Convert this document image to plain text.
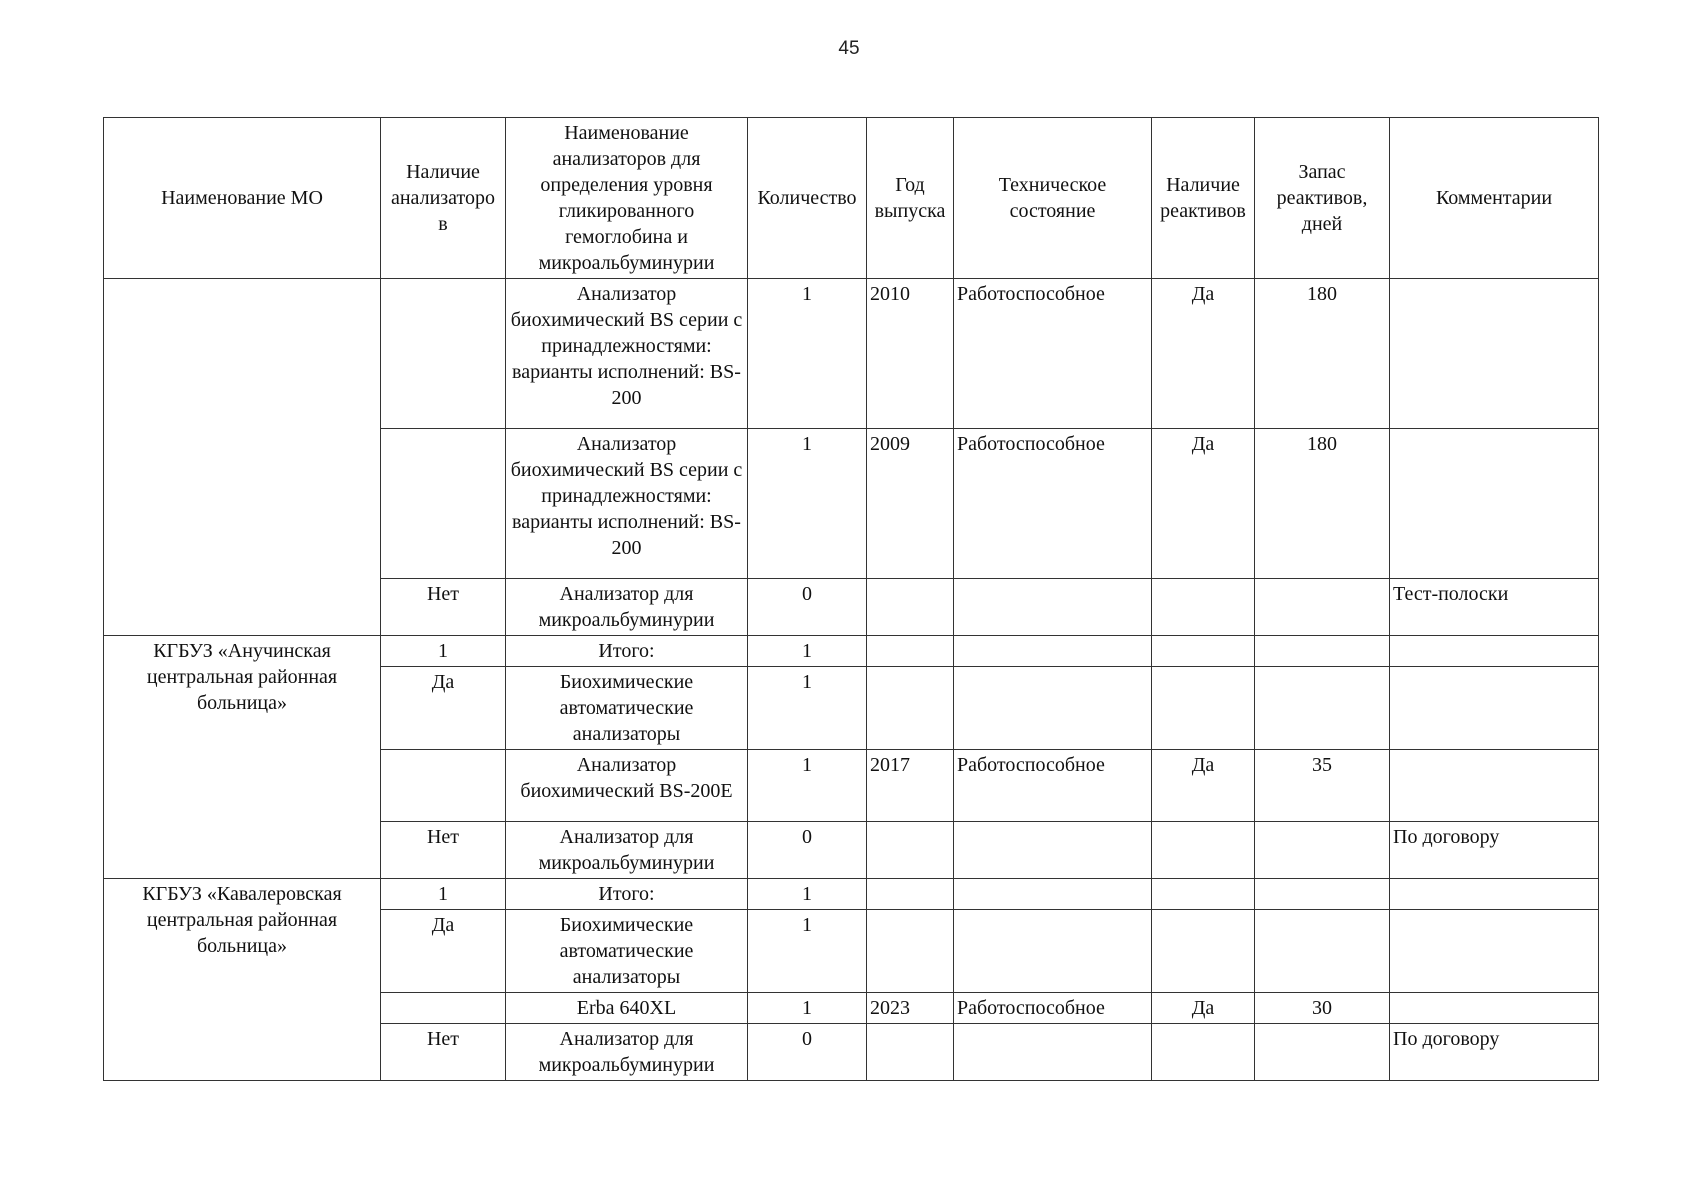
45
Наименование МО	Наличие анализаторо в	Наименование анализаторов для определения уровня гликированного гемоглобина и микроальбуминурии	Количество	Год выпуска	Техническое состояние	Наличие реактивов	Запас реактивов, дней	Комментарии
		Анализатор биохимический BS серии с принадлежностями: варианты исполнений: BS-200	1	2010	Работоспособное	Да	180	
		Анализатор биохимический BS серии с принадлежностями: варианты исполнений: BS-200	1	2009	Работоспособное	Да	180	
	Нет	Анализатор для микроальбуминурии	0					Тест-полоски
КГБУЗ «Анучинская центральная районная больница»	1	Итого:	1					
	Да	Биохимические автоматические анализаторы	1					
		Анализатор биохимический BS-200E	1	2017	Работоспособное	Да	35	
	Нет	Анализатор для микроальбуминурии	0					По договору
КГБУЗ «Кавалеровская центральная районная больница»	1	Итого:	1					
	Да	Биохимические автоматические анализаторы	1					
		Erba 640XL	1	2023	Работоспособное	Да	30	
	Нет	Анализатор для микроальбуминурии	0					По договору
